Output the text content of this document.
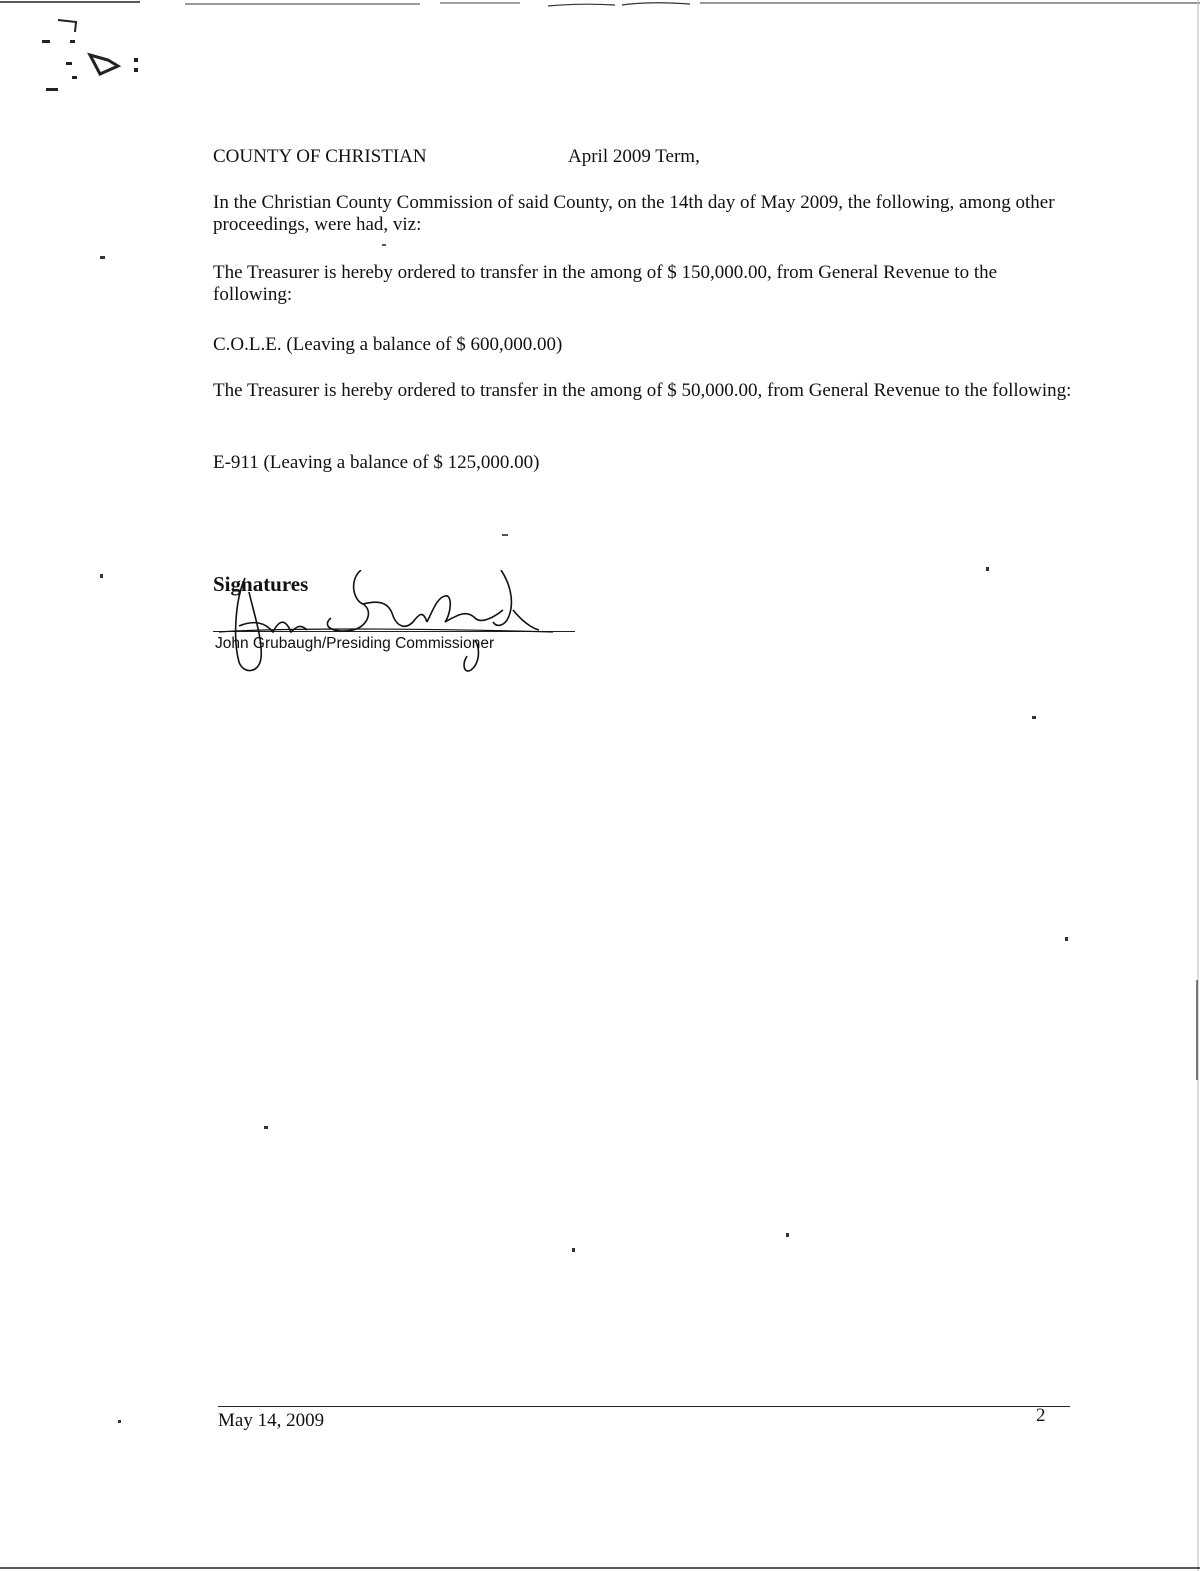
COUNTY OF CHRISTIAN	April 2009 Term,
In the Christian County Commission of said County, on the 14th day of May 2009, the following, among other proceedings, were had, viz:
The Treasurer is hereby ordered to transfer in the among of $ 150,000.00, from General Revenue to the following:
C.O.L.E. (Leaving a balance of $ 600,000.00)
The Treasurer is hereby ordered to transfer in the among of $ 50,000.00, from General Revenue to the following:
E-911 (Leaving a balance of $ 125,000.00)
Signatures
John Grubaugh/Presiding Commissioner
May 14, 2009	2
